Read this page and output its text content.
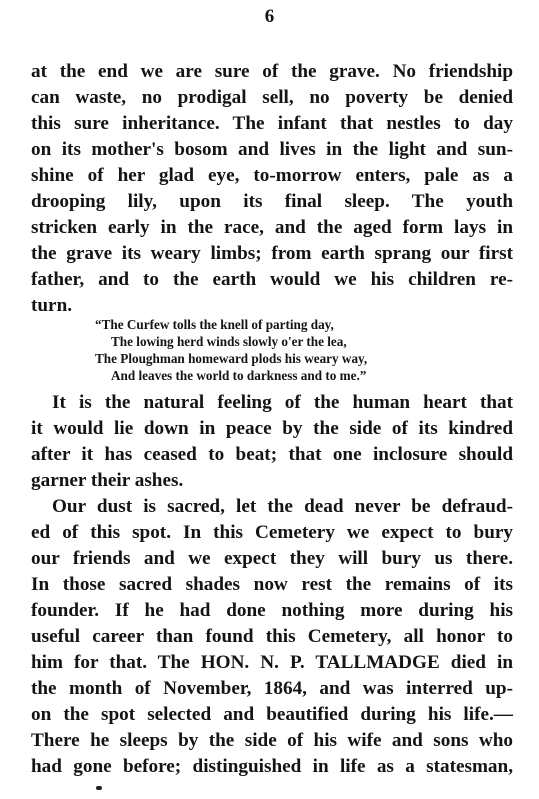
6
at the end we are sure of the grave. No friendship
can waste, no prodigal sell, no poverty be denied
this sure inheritance. The infant that nestles to day
on its mother's bosom and lives in the light and sun-
shine of her glad eye, to-morrow enters, pale as a
drooping lily, upon its final sleep. The youth
stricken early in the race, and the aged form lays in
the grave its weary limbs; from earth sprang our first
father, and to the earth would we his children re-
turn.
“The Curfew tolls the knell of parting day,
The lowing herd winds slowly o'er the lea,
The Ploughman homeward plods his weary way,
And leaves the world to darkness and to me.”
It is the natural feeling of the human heart that
it would lie down in peace by the side of its kindred
after it has ceased to beat; that one inclosure should
garner their ashes.
Our dust is sacred, let the dead never be defraud-
ed of this spot. In this Cemetery we expect to bury
our friends and we expect they will bury us there.
In those sacred shades now rest the remains of its
founder. If he had done nothing more during his
useful career than found this Cemetery, all honor to
him for that. The HON. N. P. TALLMADGE died in
the month of November, 1864, and was interred up-
on the spot selected and beautified during his life.—
There he sleeps by the side of his wife and sons who
had gone before; distinguished in life as a statesman,
